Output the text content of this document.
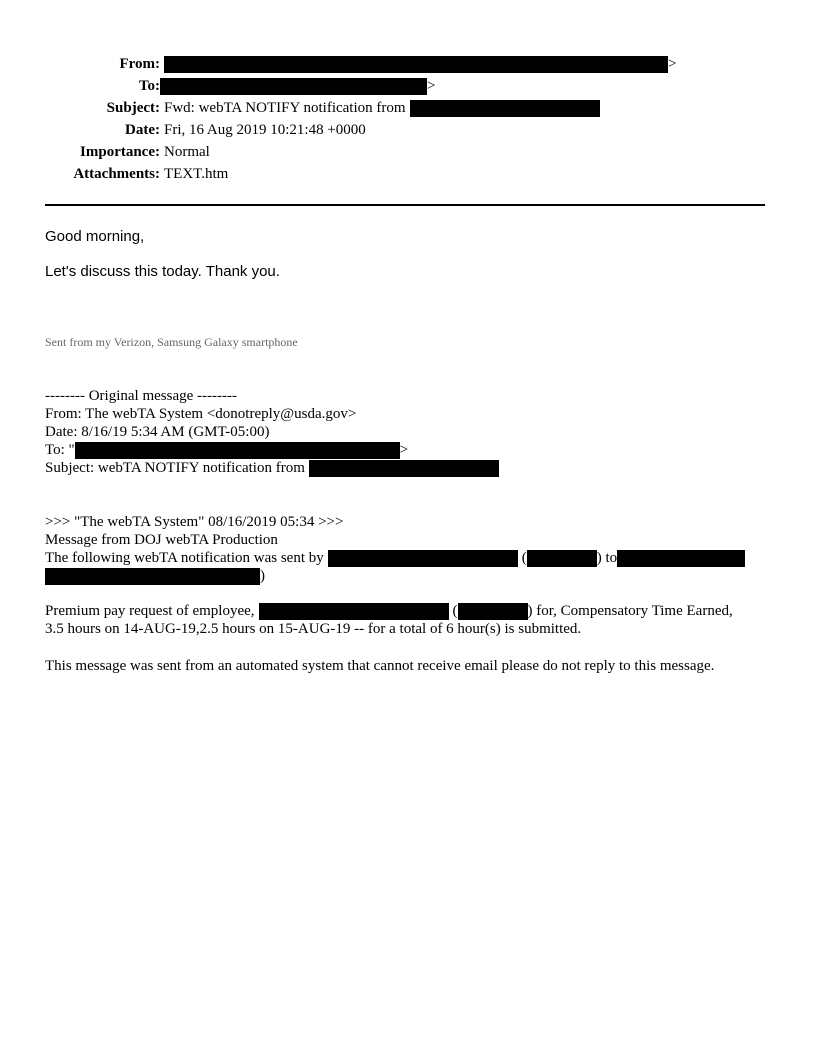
From:	>
To:	>
Subject: Fwd: webTA NOTIFY notification from
Date: Fri, 16 Aug 2019 10:21:48 +0000
Importance: Normal
Attachments: TEXT.htm
Good morning,
Let's discuss this today. Thank you.
Sent from my Verizon, Samsung Galaxy smartphone
-------- Original message --------
From: The webTA System <donotreply@usda.gov>
Date: 8/16/19 5:34 AM (GMT-05:00)
To: "	>
Subject: webTA NOTIFY notification from
>>> "The webTA System" 08/16/2019 05:34 >>>
Message from DOJ webTA Production
The following webTA notification was sent by	(	) to
)
Premium pay request of employee,	(	) for, Compensatory Time Earned,
3.5 hours on 14-AUG-19,2.5 hours on 15-AUG-19 -- for a total of 6 hour(s) is submitted.
This message was sent from an automated system that cannot receive email please do not reply to this message.
